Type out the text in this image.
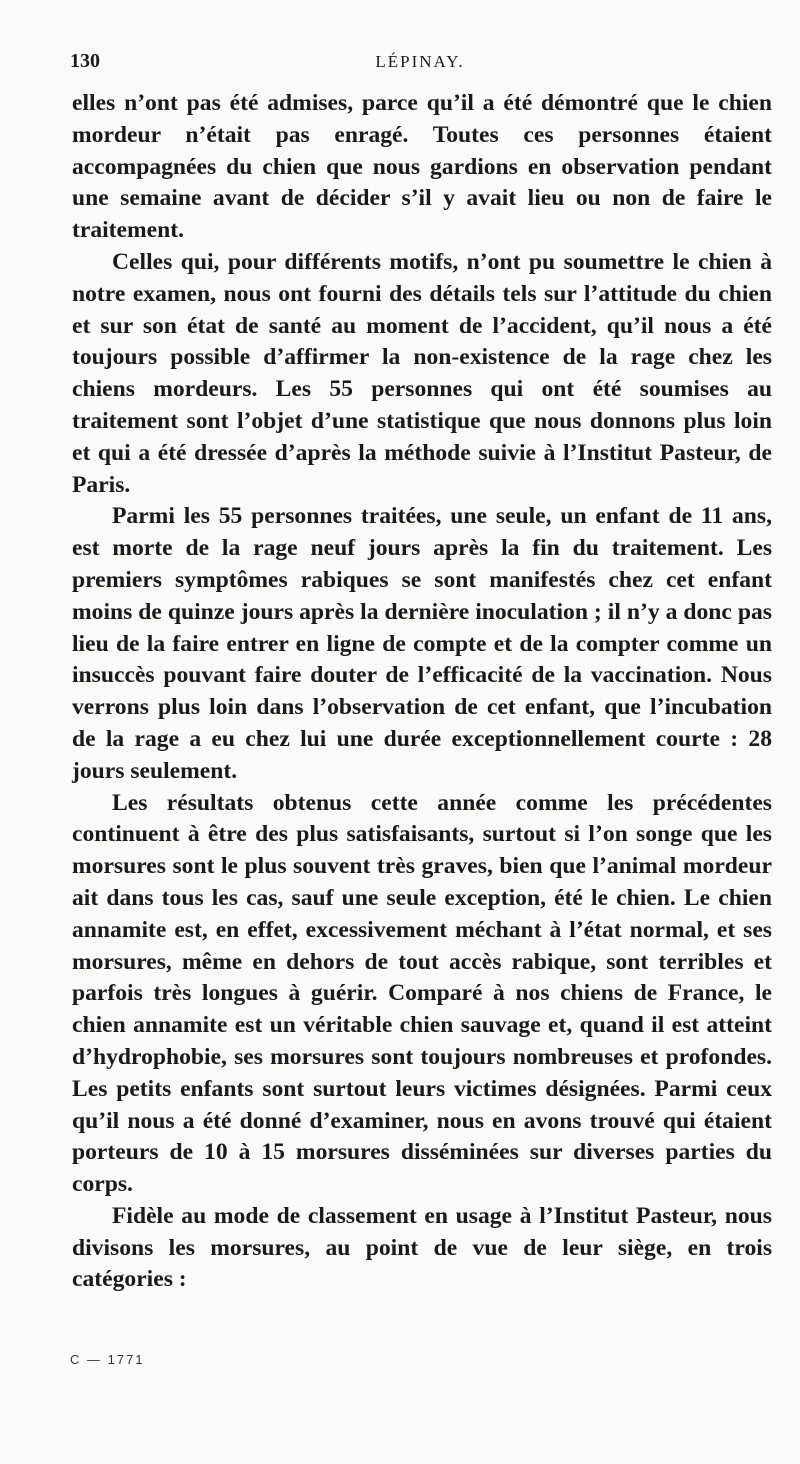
130	LÉPINAY.

elles n’ont pas été admises, parce qu’il a été démontré que le chien mordeur n’était pas enragé. Toutes ces personnes étaient accompagnées du chien que nous gardions en observation pendant une semaine avant de décider s’il y avait lieu ou non de faire le traitement.

Celles qui, pour différents motifs, n’ont pu soumettre le chien à notre examen, nous ont fourni des détails tels sur l’attitude du chien et sur son état de santé au moment de l’accident, qu’il nous a été toujours possible d’affirmer la non-existence de la rage chez les chiens mordeurs. Les 55 personnes qui ont été soumises au traitement sont l’objet d’une statistique que nous donnons plus loin et qui a été dressée d’après la méthode suivie à l’Institut Pasteur, de Paris.

Parmi les 55 personnes traitées, une seule, un enfant de 11 ans, est morte de la rage neuf jours après la fin du traitement. Les premiers symptômes rabiques se sont manifestés chez cet enfant moins de quinze jours après la dernière inoculation ; il n’y a donc pas lieu de la faire entrer en ligne de compte et de la compter comme un insuccès pouvant faire douter de l’efficacité de la vaccination. Nous verrons plus loin dans l’observation de cet enfant, que l’incubation de la rage a eu chez lui une durée exceptionnellement courte : 28 jours seulement.

Les résultats obtenus cette année comme les précédentes continuent à être des plus satisfaisants, surtout si l’on songe que les morsures sont le plus souvent très graves, bien que l’animal mordeur ait dans tous les cas, sauf une seule exception, été le chien. Le chien annamite est, en effet, excessivement méchant à l’état normal, et ses morsures, même en dehors de tout accès rabique, sont terribles et parfois très longues à guérir. Comparé à nos chiens de France, le chien annamite est un véritable chien sauvage et, quand il est atteint d’hydrophobie, ses morsures sont toujours nombreuses et profondes. Les petits enfants sont surtout leurs victimes désignées. Parmi ceux qu’il nous a été donné d’examiner, nous en avons trouvé qui étaient porteurs de 10 à 15 morsures disséminées sur diverses parties du corps.

Fidèle au mode de classement en usage à l’Institut Pasteur, nous divisons les morsures, au point de vue de leur siège, en trois catégories :

C — 1771
